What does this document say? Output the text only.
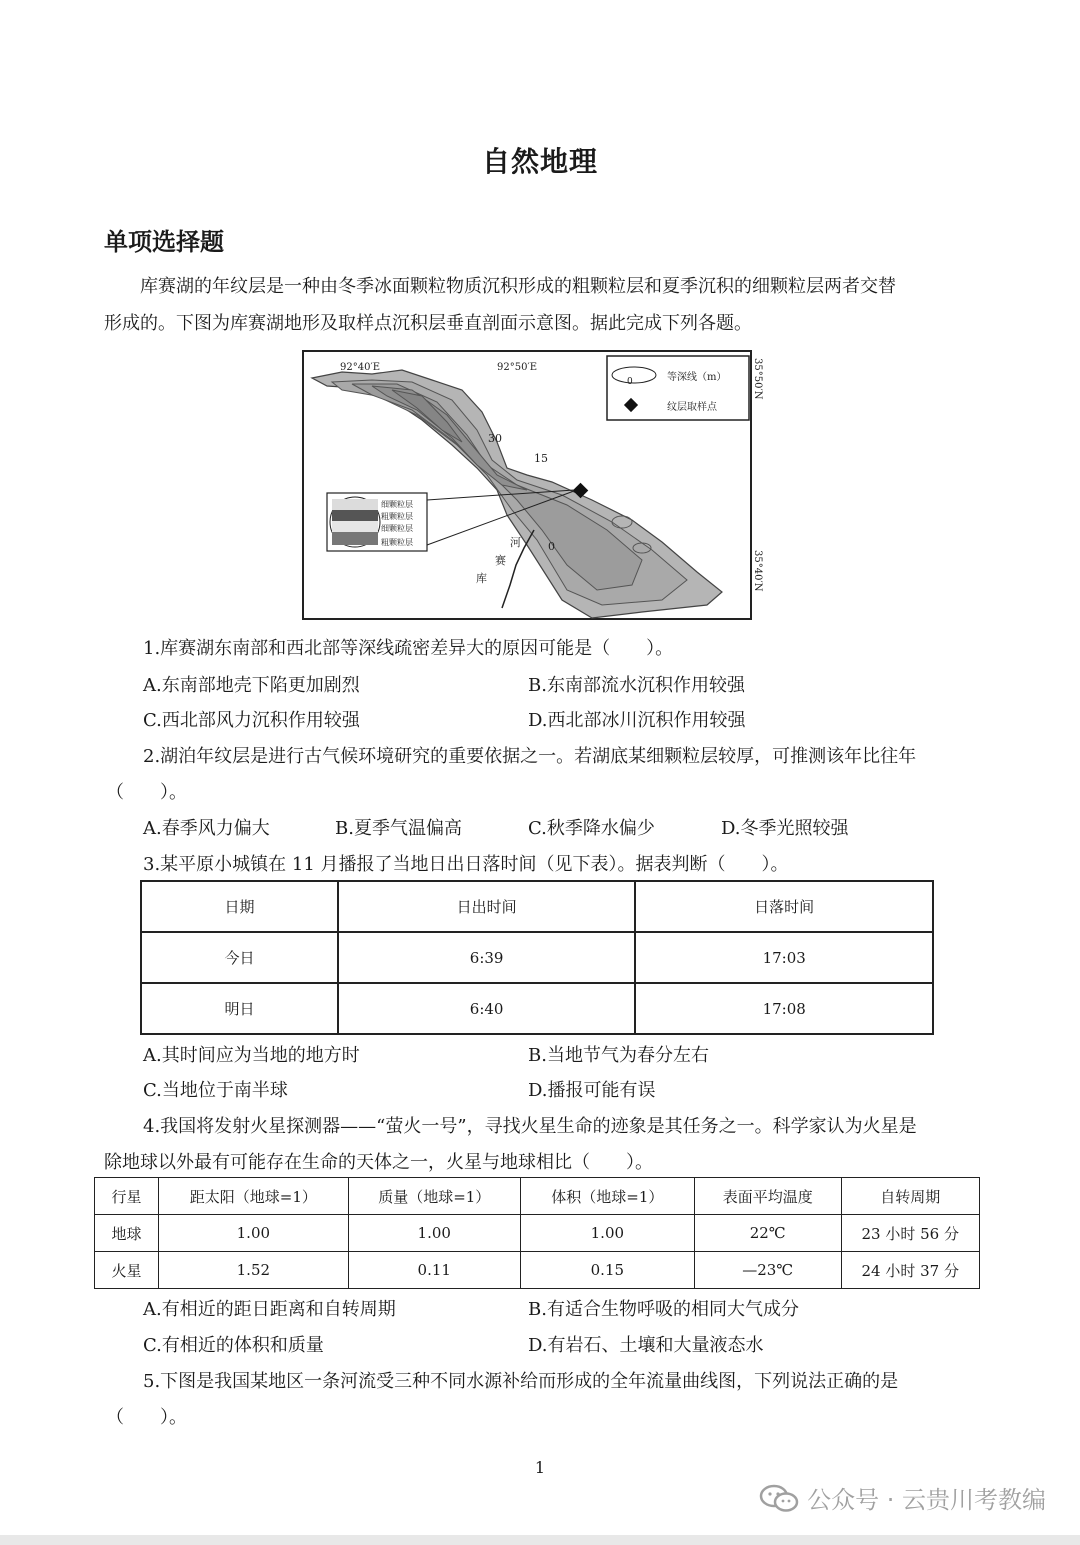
自然地理
单项选择题
库赛湖的年纹层是一种由冬季冰面颗粒物质沉积形成的粗颗粒层和夏季沉积的细颗粒层两者交替
形成的。下图为库赛湖地形及取样点沉积层垂直剖面示意图。据此完成下列各题。
92°40′E	92°50′E	35°50′N
35°40′N
30
15
0
河
赛
库
0	等深线（m）
纹层取样点
细颗粒层
粗颗粒层
细颗粒层
粗颗粒层
1.库赛湖东南部和西北部等深线疏密差异大的原因可能是（　　）。
A.东南部地壳下陷更加剧烈	B.东南部流水沉积作用较强
C.西北部风力沉积作用较强	D.西北部冰川沉积作用较强
2.湖泊年纹层是进行古气候环境研究的重要依据之一。若湖底某细颗粒层较厚，可推测该年比往年
（　　）。
A.春季风力偏大	B.夏季气温偏高	C.秋季降水偏少	D.冬季光照较强
3.某平原小城镇在 11 月播报了当地日出日落时间（见下表）。据表判断（　　）。
日期	日出时间	日落时间
今日	6:39	17:03
明日	6:40	17:08
A.其时间应为当地的地方时	B.当地节气为春分左右
C.当地位于南半球	D.播报可能有误
4.我国将发射火星探测器——“萤火一号”，寻找火星生命的迹象是其任务之一。科学家认为火星是
除地球以外最有可能存在生命的天体之一，火星与地球相比（　　）。
行星	距太阳（地球=1）	质量（地球=1）	体积（地球=1）	表面平均温度	自转周期
地球	1.00	1.00	1.00	22℃	23 小时 56 分
火星	1.52	0.11	0.15	—23℃	24 小时 37 分
A.有相近的距日距离和自转周期	B.有适合生物呼吸的相同大气成分
C.有相近的体积和质量	D.有岩石、土壤和大量液态水
5.下图是我国某地区一条河流受三种不同水源补给而形成的全年流量曲线图，下列说法正确的是
（　　）。
1
公众号 · 云贵川考教编
